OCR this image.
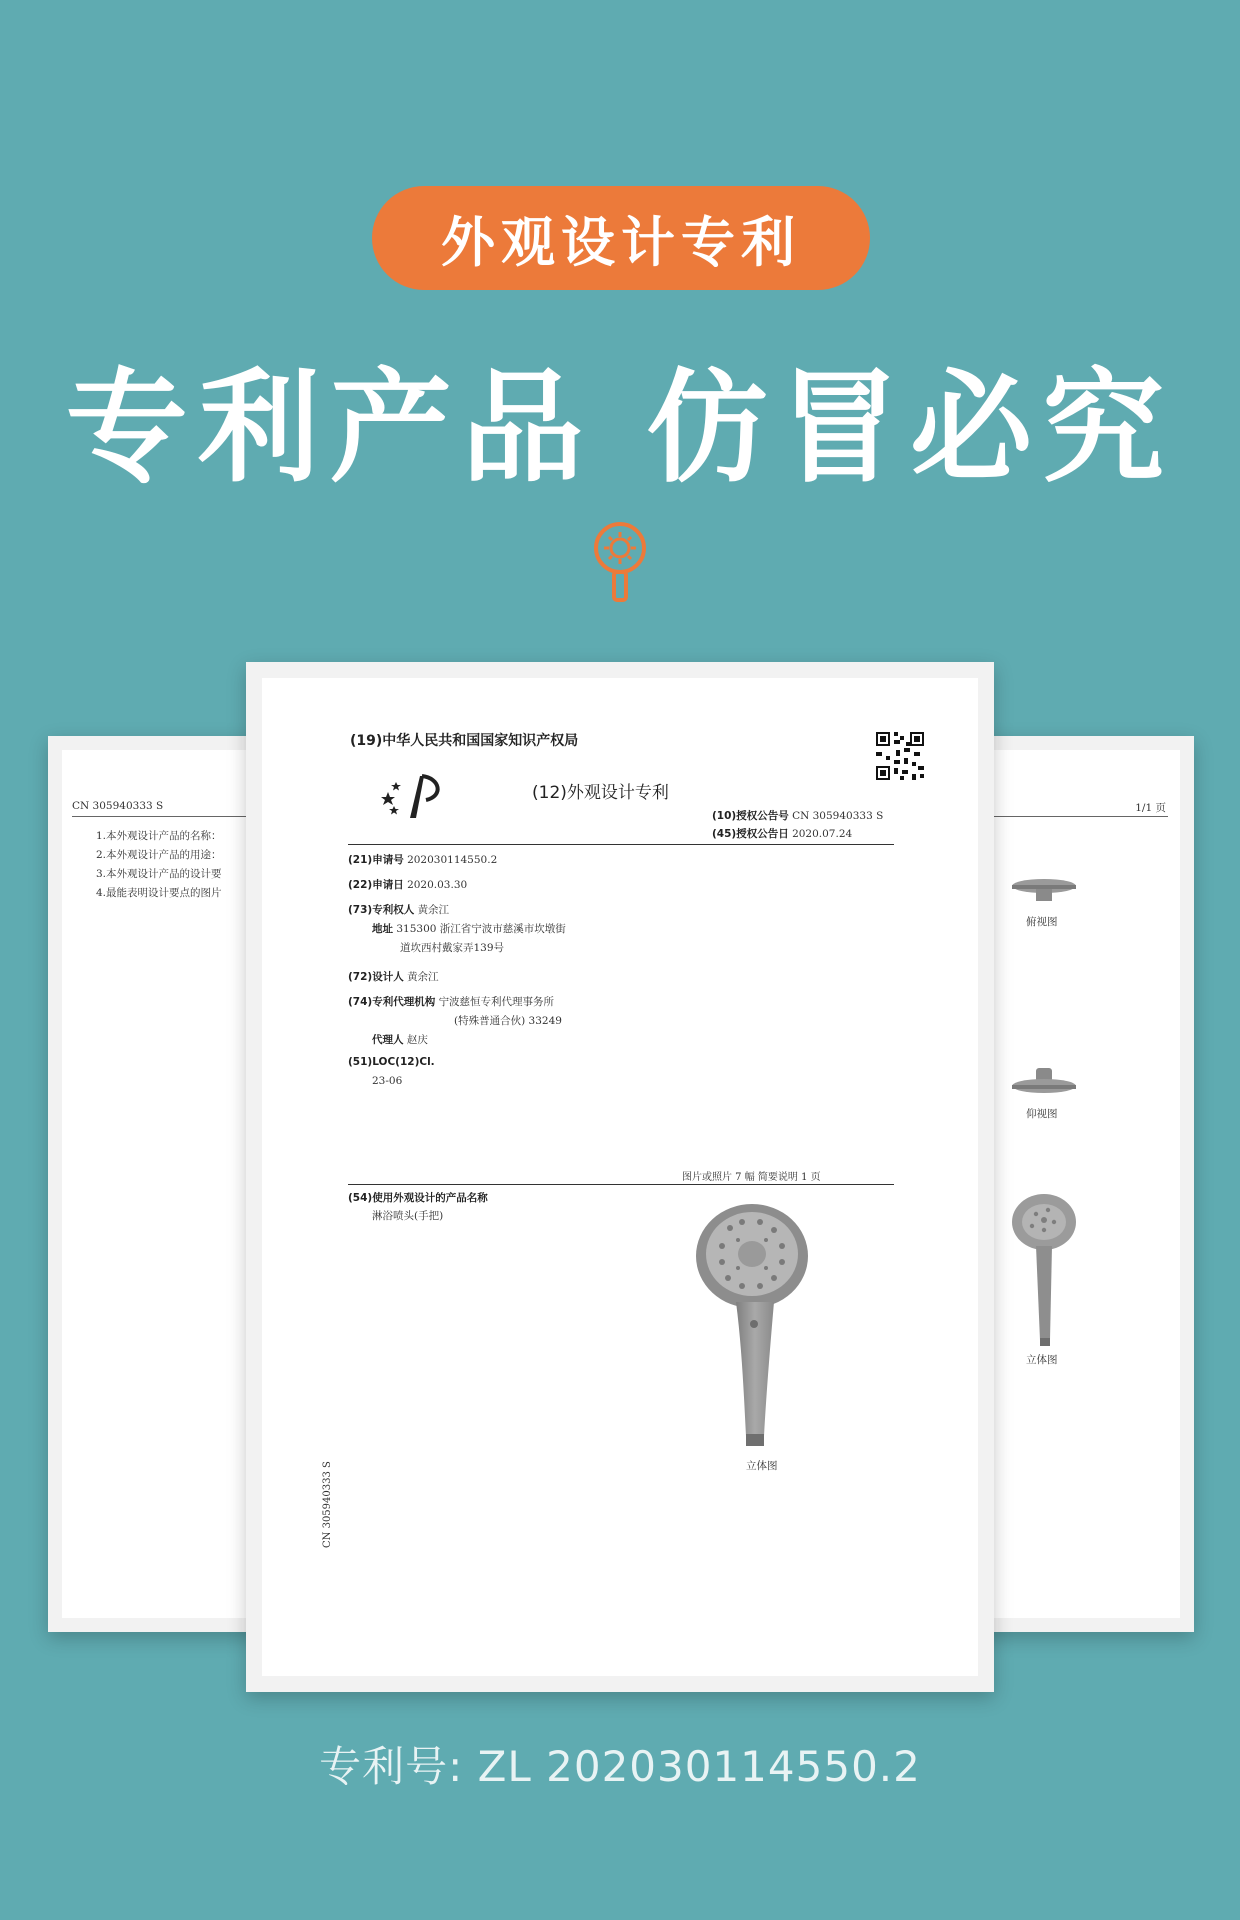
外观设计专利
专利产品 仿冒必究
CN 305940333 S
1.本外观设计产品的名称：
2.本外观设计产品的用途：
3.本外观设计产品的设计要
4.最能表明设计要点的图片
1/1 页
俯视图
仰视图
立体图
(19)中华人民共和国国家知识产权局
(12)外观设计专利
(10)授权公告号 CN 305940333 S
(45)授权公告日 2020.07.24
(21)申请号 202030114550.2
(22)申请日 2020.03.30
(73)专利权人 黄余江
地址 315300 浙江省宁波市慈溪市坎墩街
道坎西村戴家弄139号
(72)设计人 黄余江
(74)专利代理机构 宁波慈恒专利代理事务所
(特殊普通合伙) 33249
代理人 赵庆
(51)LOC(12)Cl.
23-06
图片或照片 7 幅 简要说明 1 页
(54)使用外观设计的产品名称
淋浴喷头(手把)
立体图
CN 305940333 S
专利号: ZL 202030114550.2
